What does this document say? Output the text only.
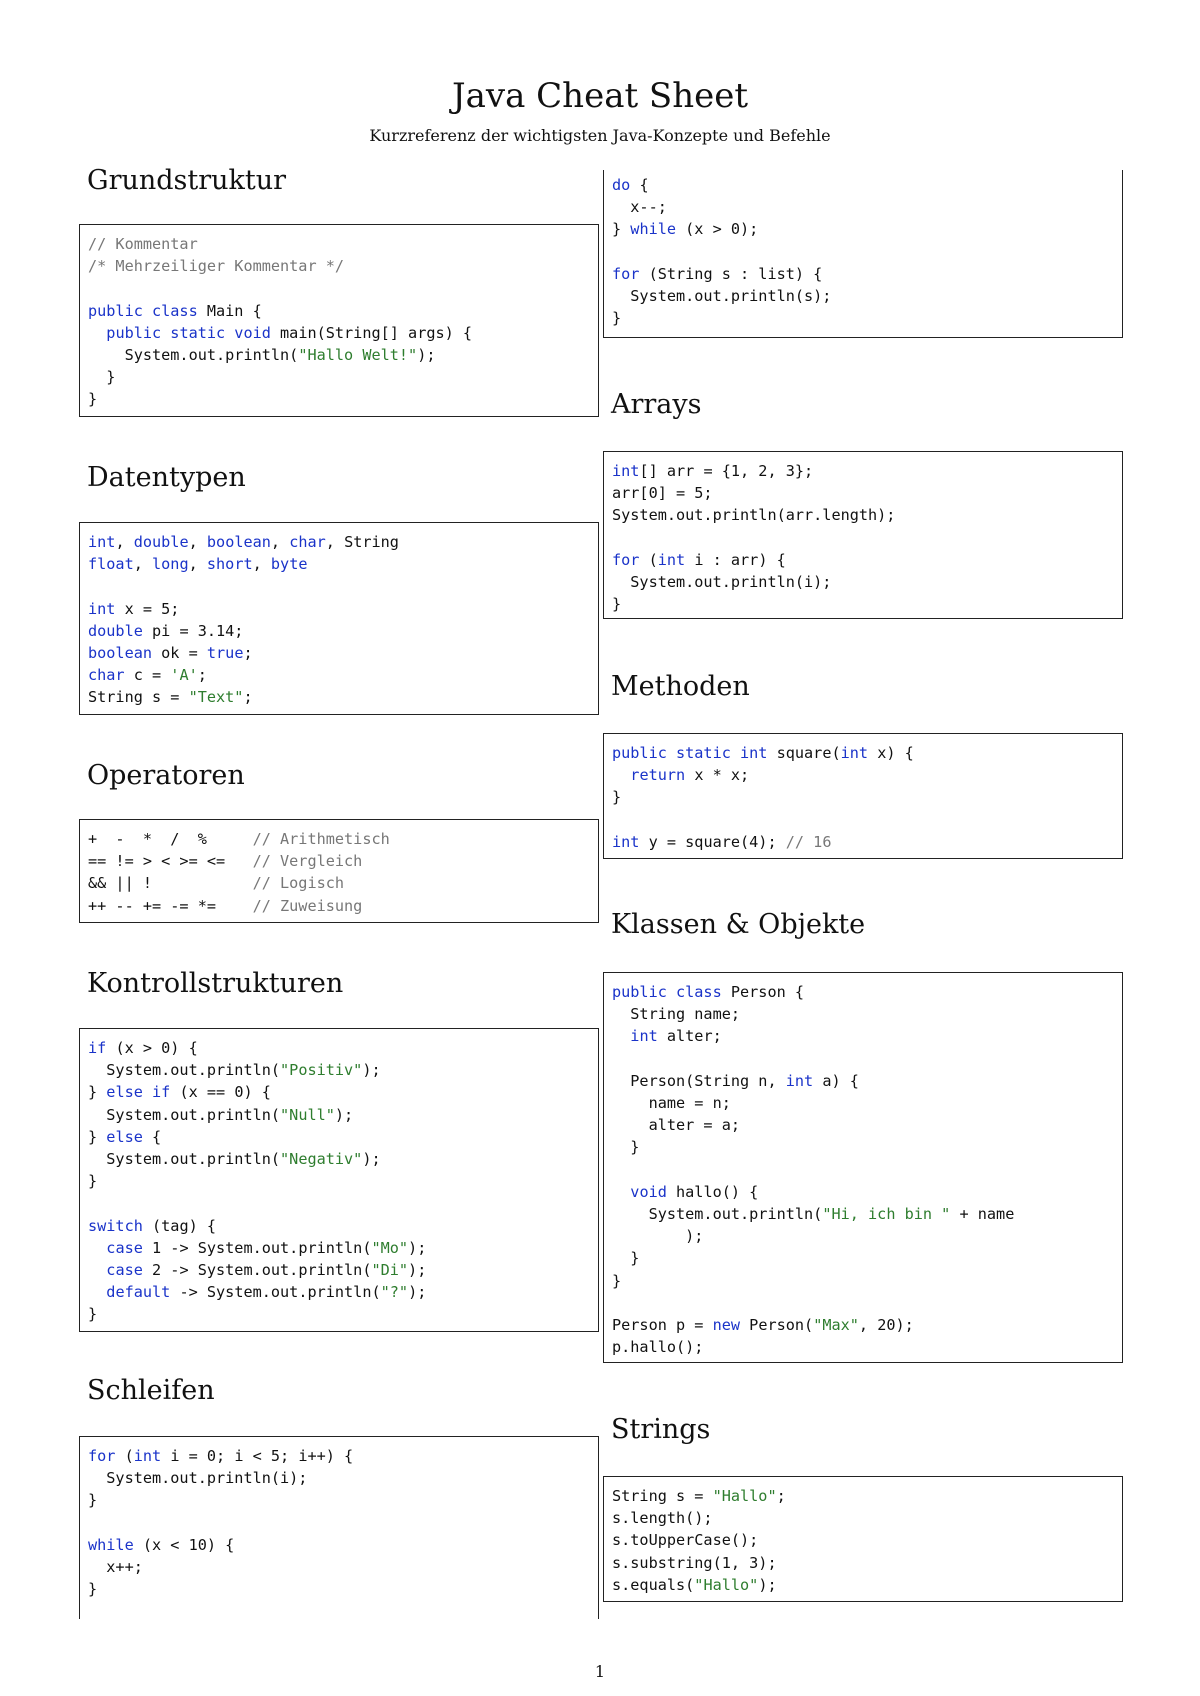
Java Cheat Sheet
Kurzreferenz der wichtigsten Java-Konzepte und Befehle
Grundstruktur
// Kommentar
/* Mehrzeiliger Kommentar */

public class Main {
public static void main(String[] args) {
System.out.println("Hallo Welt!");
}
}
Datentypen
int, double, boolean, char, String
float, long, short, byte

int x = 5;
double pi = 3.14;
boolean ok = true;
char c = 'A';
String s = "Text";
Operatoren
+  -  *  /  %     // Arithmetisch
== != > < >= <=   // Vergleich
&& || !           // Logisch
++ -- += -= *=    // Zuweisung
Kontrollstrukturen
if (x > 0) {
System.out.println("Positiv");
} else if (x == 0) {
System.out.println("Null");
} else {
System.out.println("Negativ");
}

switch (tag) {
case 1 -> System.out.println("Mo");
case 2 -> System.out.println("Di");
default -> System.out.println("?");
}
Schleifen
for (int i = 0; i < 5; i++) {
System.out.println(i);
}

while (x < 10) {
x++;
}
do {
x--;
} while (x > 0);

for (String s : list) {
System.out.println(s);
}
Arrays
int[] arr = {1, 2, 3};
arr[0] = 5;
System.out.println(arr.length);

for (int i : arr) {
System.out.println(i);
}
Methoden
public static int square(int x) {
return x * x;
}

int y = square(4); // 16
Klassen & Objekte
public class Person {
String name;
int alter;

Person(String n, int a) {
name = n;
alter = a;
}

void hallo() {
System.out.println("Hi, ich bin " + name
);
}
}

Person p = new Person("Max", 20);
p.hallo();
Strings
String s = "Hallo";
s.length();
s.toUpperCase();
s.substring(1, 3);
s.equals("Hallo");
1
